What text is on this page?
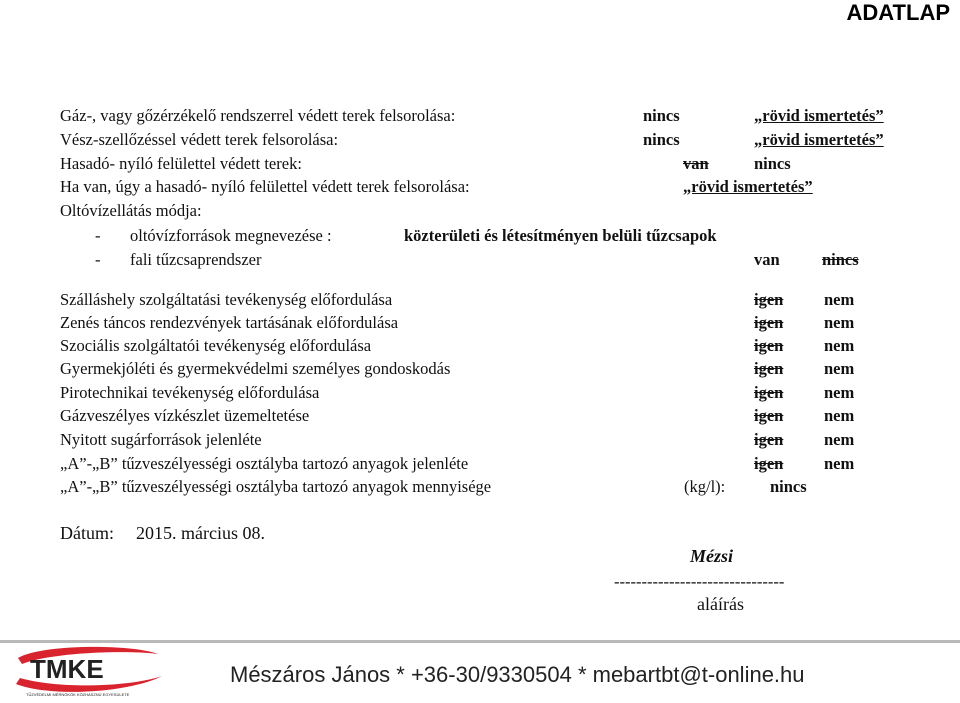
ADATLAP
Gáz-, vagy gőzérzékelő rendszerrel védett terek felsorolása:	nincs	„rövid ismertetés”
Vész-szellőzéssel védett terek felsorolása:	nincs	„rövid ismertetés”
Hasadó- nyíló felülettel védett terek:	van	nincs
Ha van, úgy a hasadó- nyíló felülettel védett terek felsorolása:	„rövid ismertetés”
Oltóvízellátás módja:
- oltóvízforrások megnevezése :	közterületi és létesítményen belüli tűzcsapok
- fali tűzcsaprendszer	van	nincs
Szálláshely szolgáltatási tevékenység előfordulása	igen nem
Zenés táncos rendezvények tartásának előfordulása	igen nem
Szociális szolgáltatói tevékenység előfordulása	igen nem
Gyermekjóléti és gyermekvédelmi személyes gondoskodás	igen nem
Pirotechnikai tevékenység előfordulása	igen nem
Gázveszélyes vízkészlet üzemeltetése	igen nem
Nyitott sugárforrások jelenléte	igen nem
„A”-„B” tűzveszélyességi osztályba tartozó anyagok jelenléte	igen nem
„A”-„B” tűzveszélyességi osztályba tartozó anyagok mennyisége	(kg/l):	nincs
Dátum: 2015. március 08.
Mézsi
-------------------------------
aláírás
TMKE
TŰZVÉDELMI MÉRNÖKÖK KÖZHASZNÚ EGYESÜLETE
Mészáros János * +36-30/9330504 * mebartbt@t-online.hu
